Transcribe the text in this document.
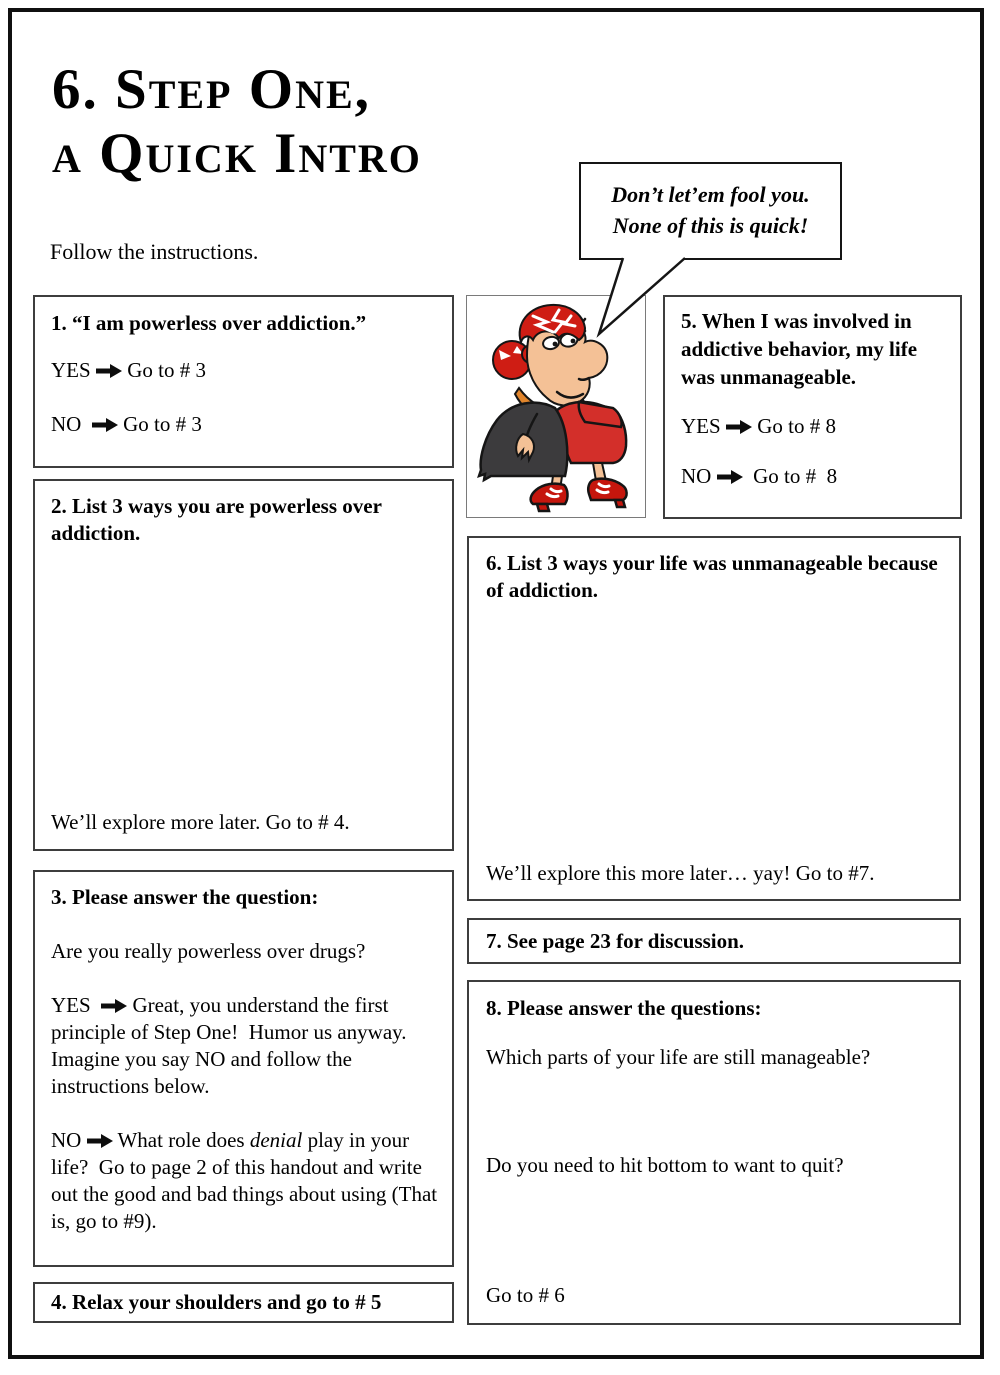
6. Step One,
a Quick Intro

Follow the instructions.

1. “I am powerless over addiction.”

YES  Go to # 3

NO   Go to # 3

2. List 3 ways you are powerless over addiction.

We’ll explore more later. Go to # 4.

3. Please answer the question:

Are you really powerless over drugs?

YES   Great, you understand the first principle of Step One!  Humor us anyway.  Imagine you say NO and follow the instructions below.

NO  What role does denial play in your life?  Go to page 2 of this handout and write out the good and bad things about using (That is, go to #9).

4. Relax your shoulders and go to # 5

Don’t let’em fool you.
None of this is quick!

5. When I was involved in addictive behavior, my life was unmanageable.

YES  Go to # 8

NO   Go to #  8

6. List 3 ways your life was unmanageable because of addiction.

We’ll explore this more later… yay! Go to #7.

7. See page 23 for discussion.

8. Please answer the questions:

Which parts of your life are still manageable?

Do you need to hit bottom to want to quit?

Go to # 6
